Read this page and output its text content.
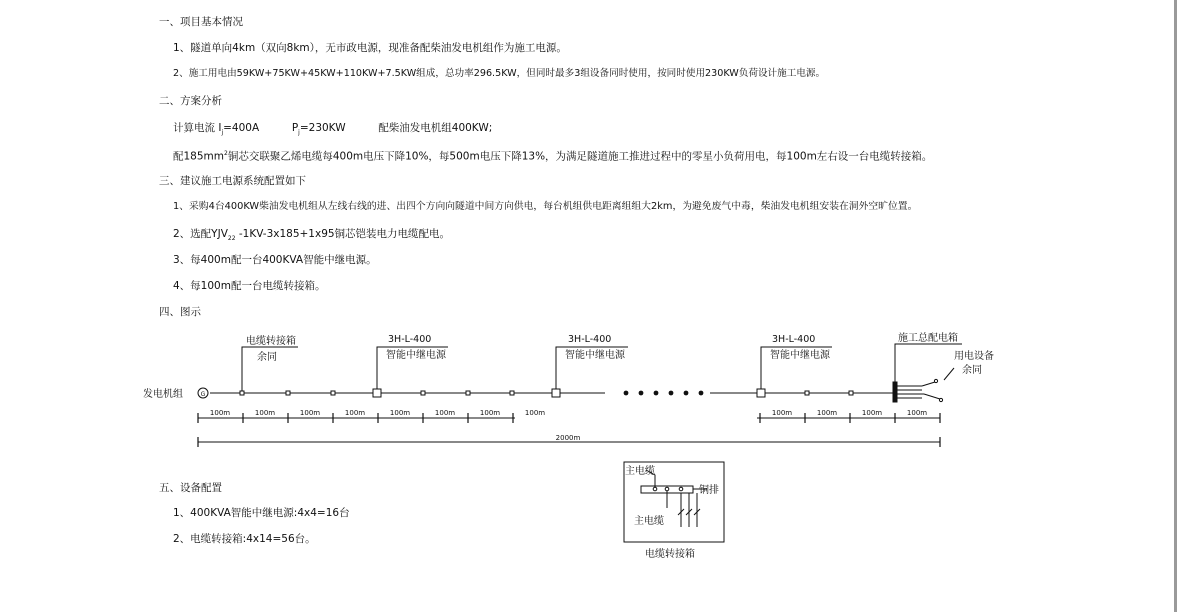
一、项目基本情况
1、隧道单向4km（双向8km），无市政电源，现准备配柴油发电机组作为施工电源。
2、施工用电由59KW+75KW+45KW+110KW+7.5KW组成，总功率296.5KW，但同时最多3组设备同时使用，按同时使用230KW负荷设计施工电源。
二、方案分析
计算电流 $I_j=400A$	$P_j=230KW$	配柴油发电机组400KW;
配$185mm^2$铜芯交联聚乙烯电缆每400m电压下降10%，每500m电压下降13%，为满足隧道施工推进过程中的零星小负荷用电，每100m左右设一台电缆转接箱。
三、建议施工电源系统配置如下
1、采购4台400KW柴油发电机组从左线右线的进、出四个方向向隧道中间方向供电，每台机组供电距离组组大2km，为避免废气中毒，柴油发电机组安装在洞外空旷位置。
2、选配$YJV_{22}$ -1KV-3x185+1x95铜芯铠装电力电缆配电。
3、每400m配一台400KVA智能中继电源。
4、每100m配一台电缆转接箱。
四、图示
五、设备配置
1、400KVA智能中继电源:4x4=16台
2、电缆转接箱:4x14=56台。
发电机组	G
电缆转接箱
余同
3H-L-400
智能中继电源
3H-L-400
智能中继电源
3H-L-400
智能中继电源
施工总配电箱
用电设备
余同
100m	100m	100m	100m	100m	100m	100m	100m	100m	100m	100m	100m
2000m
主电缆
铜排
主电缆
电缆转接箱
